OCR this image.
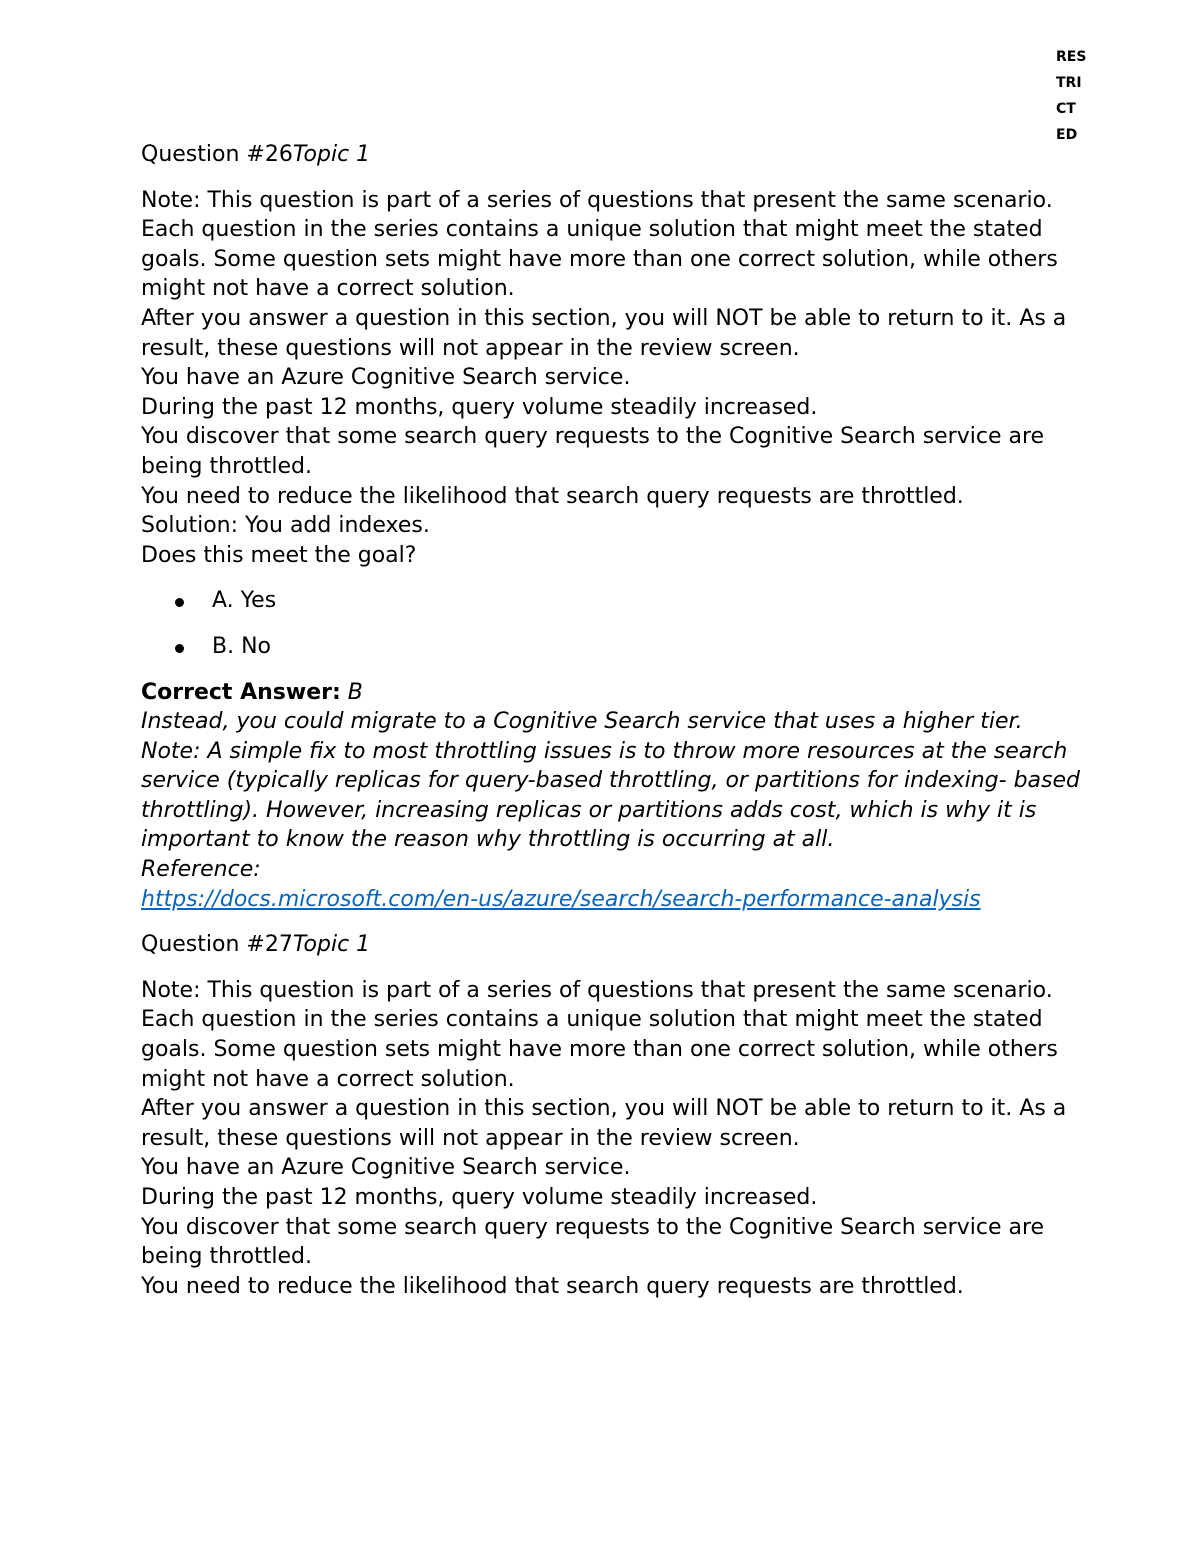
RES
TRI
CT
ED

Question #26Topic 1

Note: This question is part of a series of questions that present the same scenario. Each question in the series contains a unique solution that might meet the stated goals. Some question sets might have more than one correct solution, while others might not have a correct solution.

After you answer a question in this section, you will NOT be able to return to it. As a result, these questions will not appear in the review screen.

You have an Azure Cognitive Search service.

During the past 12 months, query volume steadily increased.

You discover that some search query requests to the Cognitive Search service are being throttled.

You need to reduce the likelihood that search query requests are throttled.

Solution: You add indexes.

Does this meet the goal?

A. Yes
B. No

Correct Answer: B

Instead, you could migrate to a Cognitive Search service that uses a higher tier.

Note: A simple fix to most throttling issues is to throw more resources at the search service (typically replicas for query-based throttling, or partitions for indexing- based throttling). However, increasing replicas or partitions adds cost, which is why it is important to know the reason why throttling is occurring at all.

Reference:

https://docs.microsoft.com/en-us/azure/search/search-performance-analysis

Question #27Topic 1

Note: This question is part of a series of questions that present the same scenario. Each question in the series contains a unique solution that might meet the stated goals. Some question sets might have more than one correct solution, while others might not have a correct solution.

After you answer a question in this section, you will NOT be able to return to it. As a result, these questions will not appear in the review screen.

You have an Azure Cognitive Search service.

During the past 12 months, query volume steadily increased.

You discover that some search query requests to the Cognitive Search service are being throttled.

You need to reduce the likelihood that search query requests are throttled.
